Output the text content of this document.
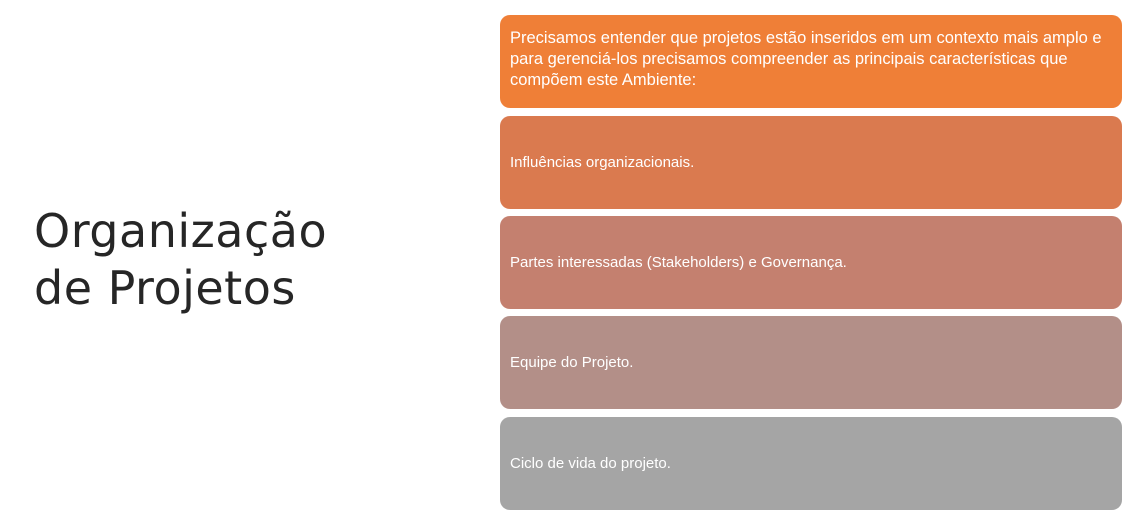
Organização
de Projetos
Precisamos entender que projetos estão inseridos em um contexto mais amplo e para gerenciá-los precisamos compreender as principais características que compõem este Ambiente:
Influências organizacionais.
Partes interessadas (Stakeholders) e Governança.
Equipe do Projeto.
Ciclo de vida do projeto.
